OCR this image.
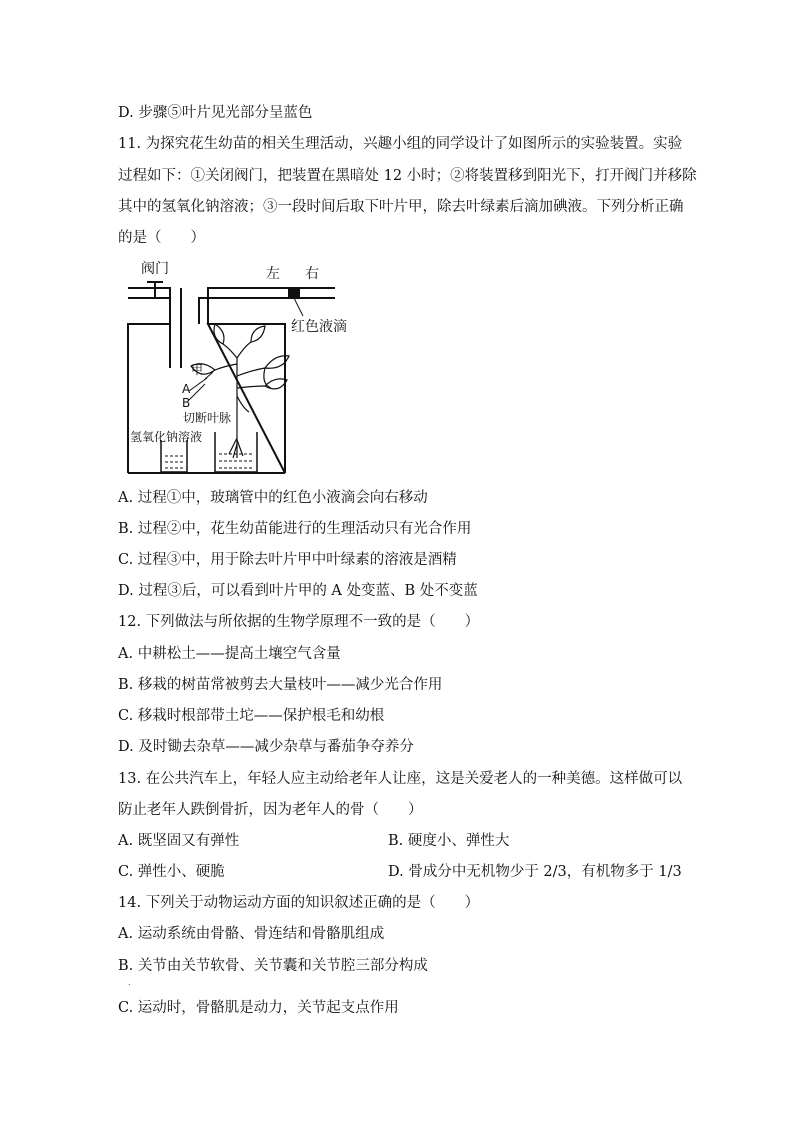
D. 步骤⑤叶片见光部分呈蓝色
11. 为探究花生幼苗的相关生理活动，兴趣小组的同学设计了如图所示的实验装置。实验
过程如下：①关闭阀门，把装置在黑暗处 12 小时；②将装置移到阳光下，打开阀门并移除
其中的氢氧化钠溶液；③一段时间后取下叶片甲，除去叶绿素后滴加碘液。下列分析正确
的是（　　）
阀门	左 右
红色液滴
甲
A
B
切断叶脉
氢氧化钠溶液
A. 过程①中，玻璃管中的红色小液滴会向右移动
B. 过程②中，花生幼苗能进行的生理活动只有光合作用
C. 过程③中，用于除去叶片甲中叶绿素的溶液是酒精
D. 过程③后，可以看到叶片甲的 A 处变蓝、B 处不变蓝
12. 下列做法与所依据的生物学原理不一致的是（　　）
A. 中耕松土——提高土壤空气含量
B. 移栽的树苗常被剪去大量枝叶——减少光合作用
C. 移栽时根部带土坨——保护根毛和幼根
D. 及时锄去杂草——减少杂草与番茄争夺养分
13. 在公共汽车上，年轻人应主动给老年人让座，这是关爱老人的一种美德。这样做可以
防止老年人跌倒骨折，因为老年人的骨（　　）
A. 既坚固又有弹性	B. 硬度小、弹性大
C. 弹性小、硬脆	D. 骨成分中无机物少于 2/3，有机物多于 1/3
14. 下列关于动物运动方面的知识叙述正确的是（　　）
A. 运动系统由骨骼、骨连结和骨骼肌组成
B. 关节由关节软骨、关节囊和关节腔三部分构成
.
C. 运动时，骨骼肌是动力，关节起支点作用
